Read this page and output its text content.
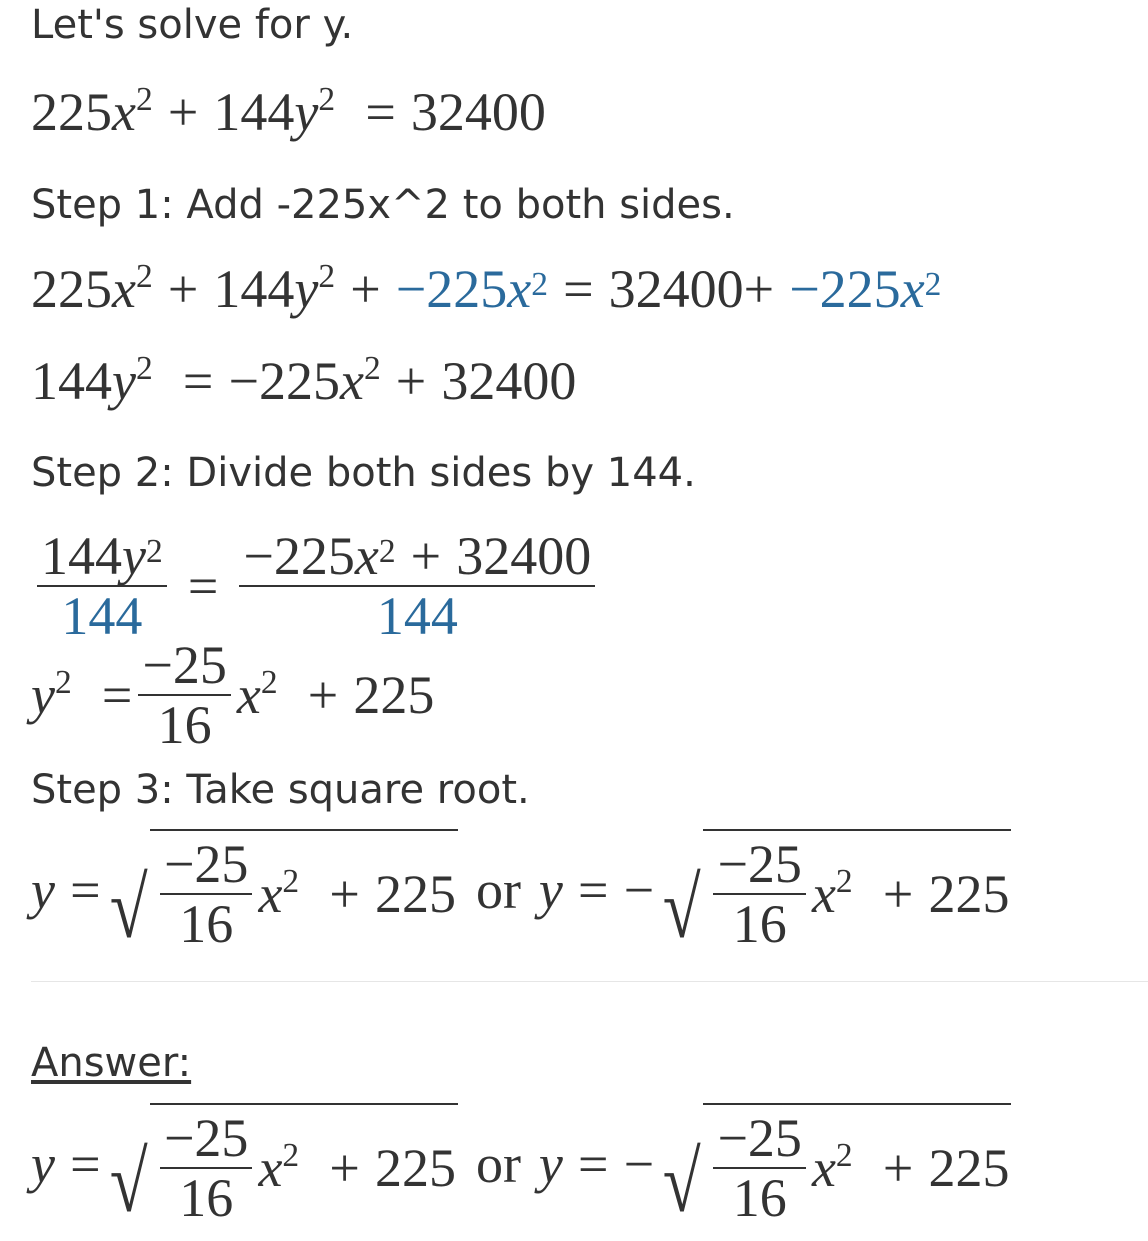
Let's solve for y.
225 $x^2 + 144$ $y^2 = 32400$
Step 1: Add -225x^2 to both sides.
225 $x^2 + 144$ $y^2 + -225x^2 = 32400 + -225x^2$
144 $y^2 = -225$ $x^2 + 32400$
Step 2: Divide both sides by 144.
$\frac{144y^2}{144} = \frac{-225x^2 + 32400}{144}$
$y^2 = \frac{-25}{16} x^2 + 225$
Step 3: Take square root.
y = √ $\frac{-25}{16} x^2 + 225$ or y = − √ $\frac{-25}{16} x^2 + 225$
Answer:
y = √ $\frac{-25}{16} x^2 + 225$ or y = − √ $\frac{-25}{16} x^2 + 225$
